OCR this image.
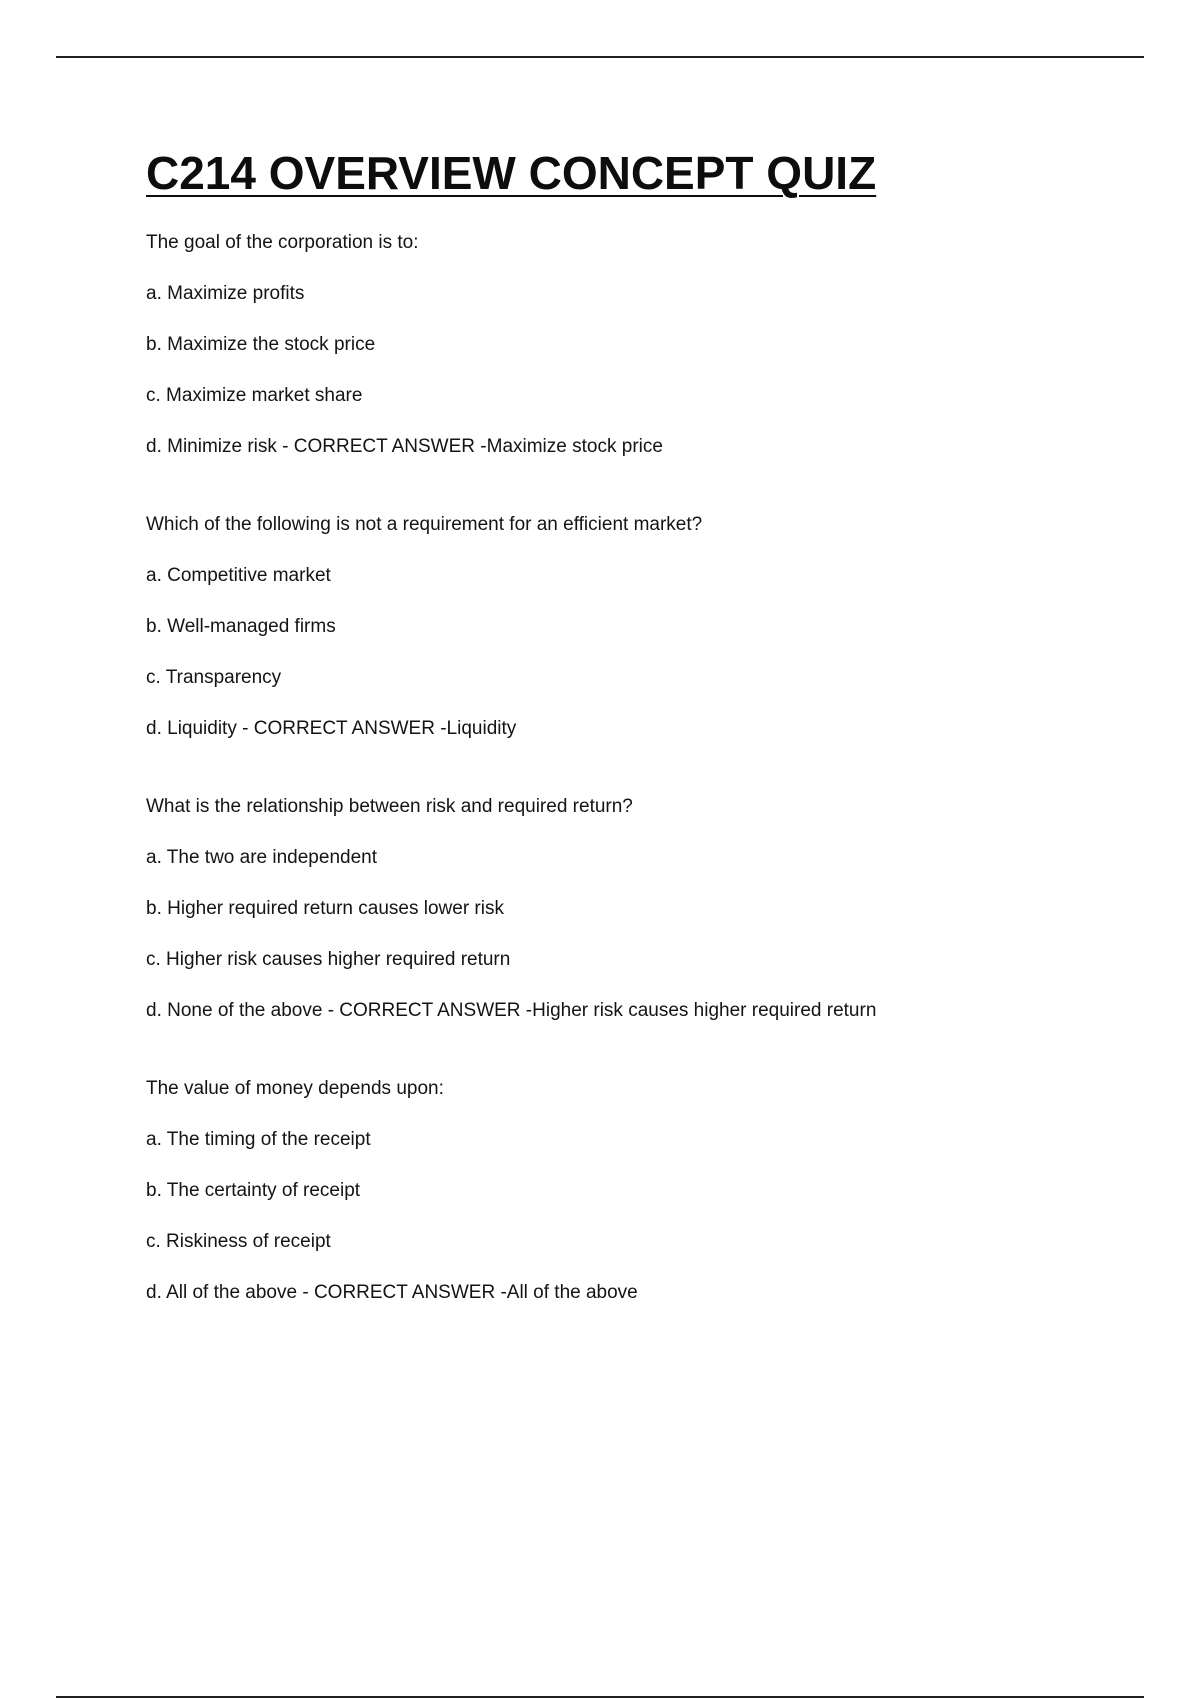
C214 OVERVIEW CONCEPT QUIZ
The goal of the corporation is to:
a. Maximize profits
b. Maximize the stock price
c. Maximize market share
d. Minimize risk - CORRECT ANSWER -Maximize stock price
Which of the following is not a requirement for an efficient market?
a. Competitive market
b. Well-managed firms
c. Transparency
d. Liquidity - CORRECT ANSWER -Liquidity
What is the relationship between risk and required return?
a. The two are independent
b. Higher required return causes lower risk
c. Higher risk causes higher required return
d. None of the above - CORRECT ANSWER -Higher risk causes higher required return
The value of money depends upon:
a. The timing of the receipt
b. The certainty of receipt
c. Riskiness of receipt
d. All of the above - CORRECT ANSWER -All of the above
